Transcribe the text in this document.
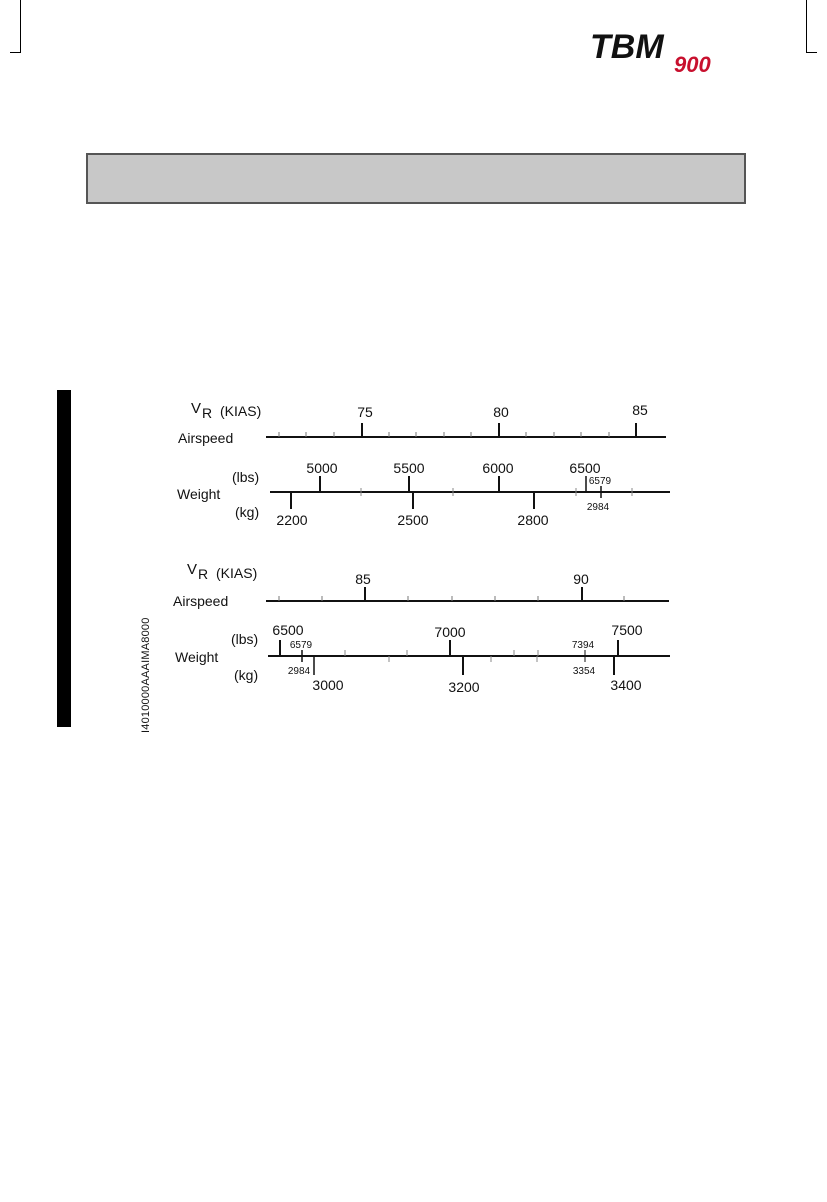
TBM 900
I4010000AAAIMA8000
V R (KIAS)
Airspeed
75	80	85
(lbs)
Weight
(kg)
5000	5500	6000	6500
6579
2984
2200	2500	2800
V R (KIAS)
Airspeed
85	90
(lbs)
Weight
(kg)
6500	7000	7500
6579	7394
2984	3354
3000	3200	3400
